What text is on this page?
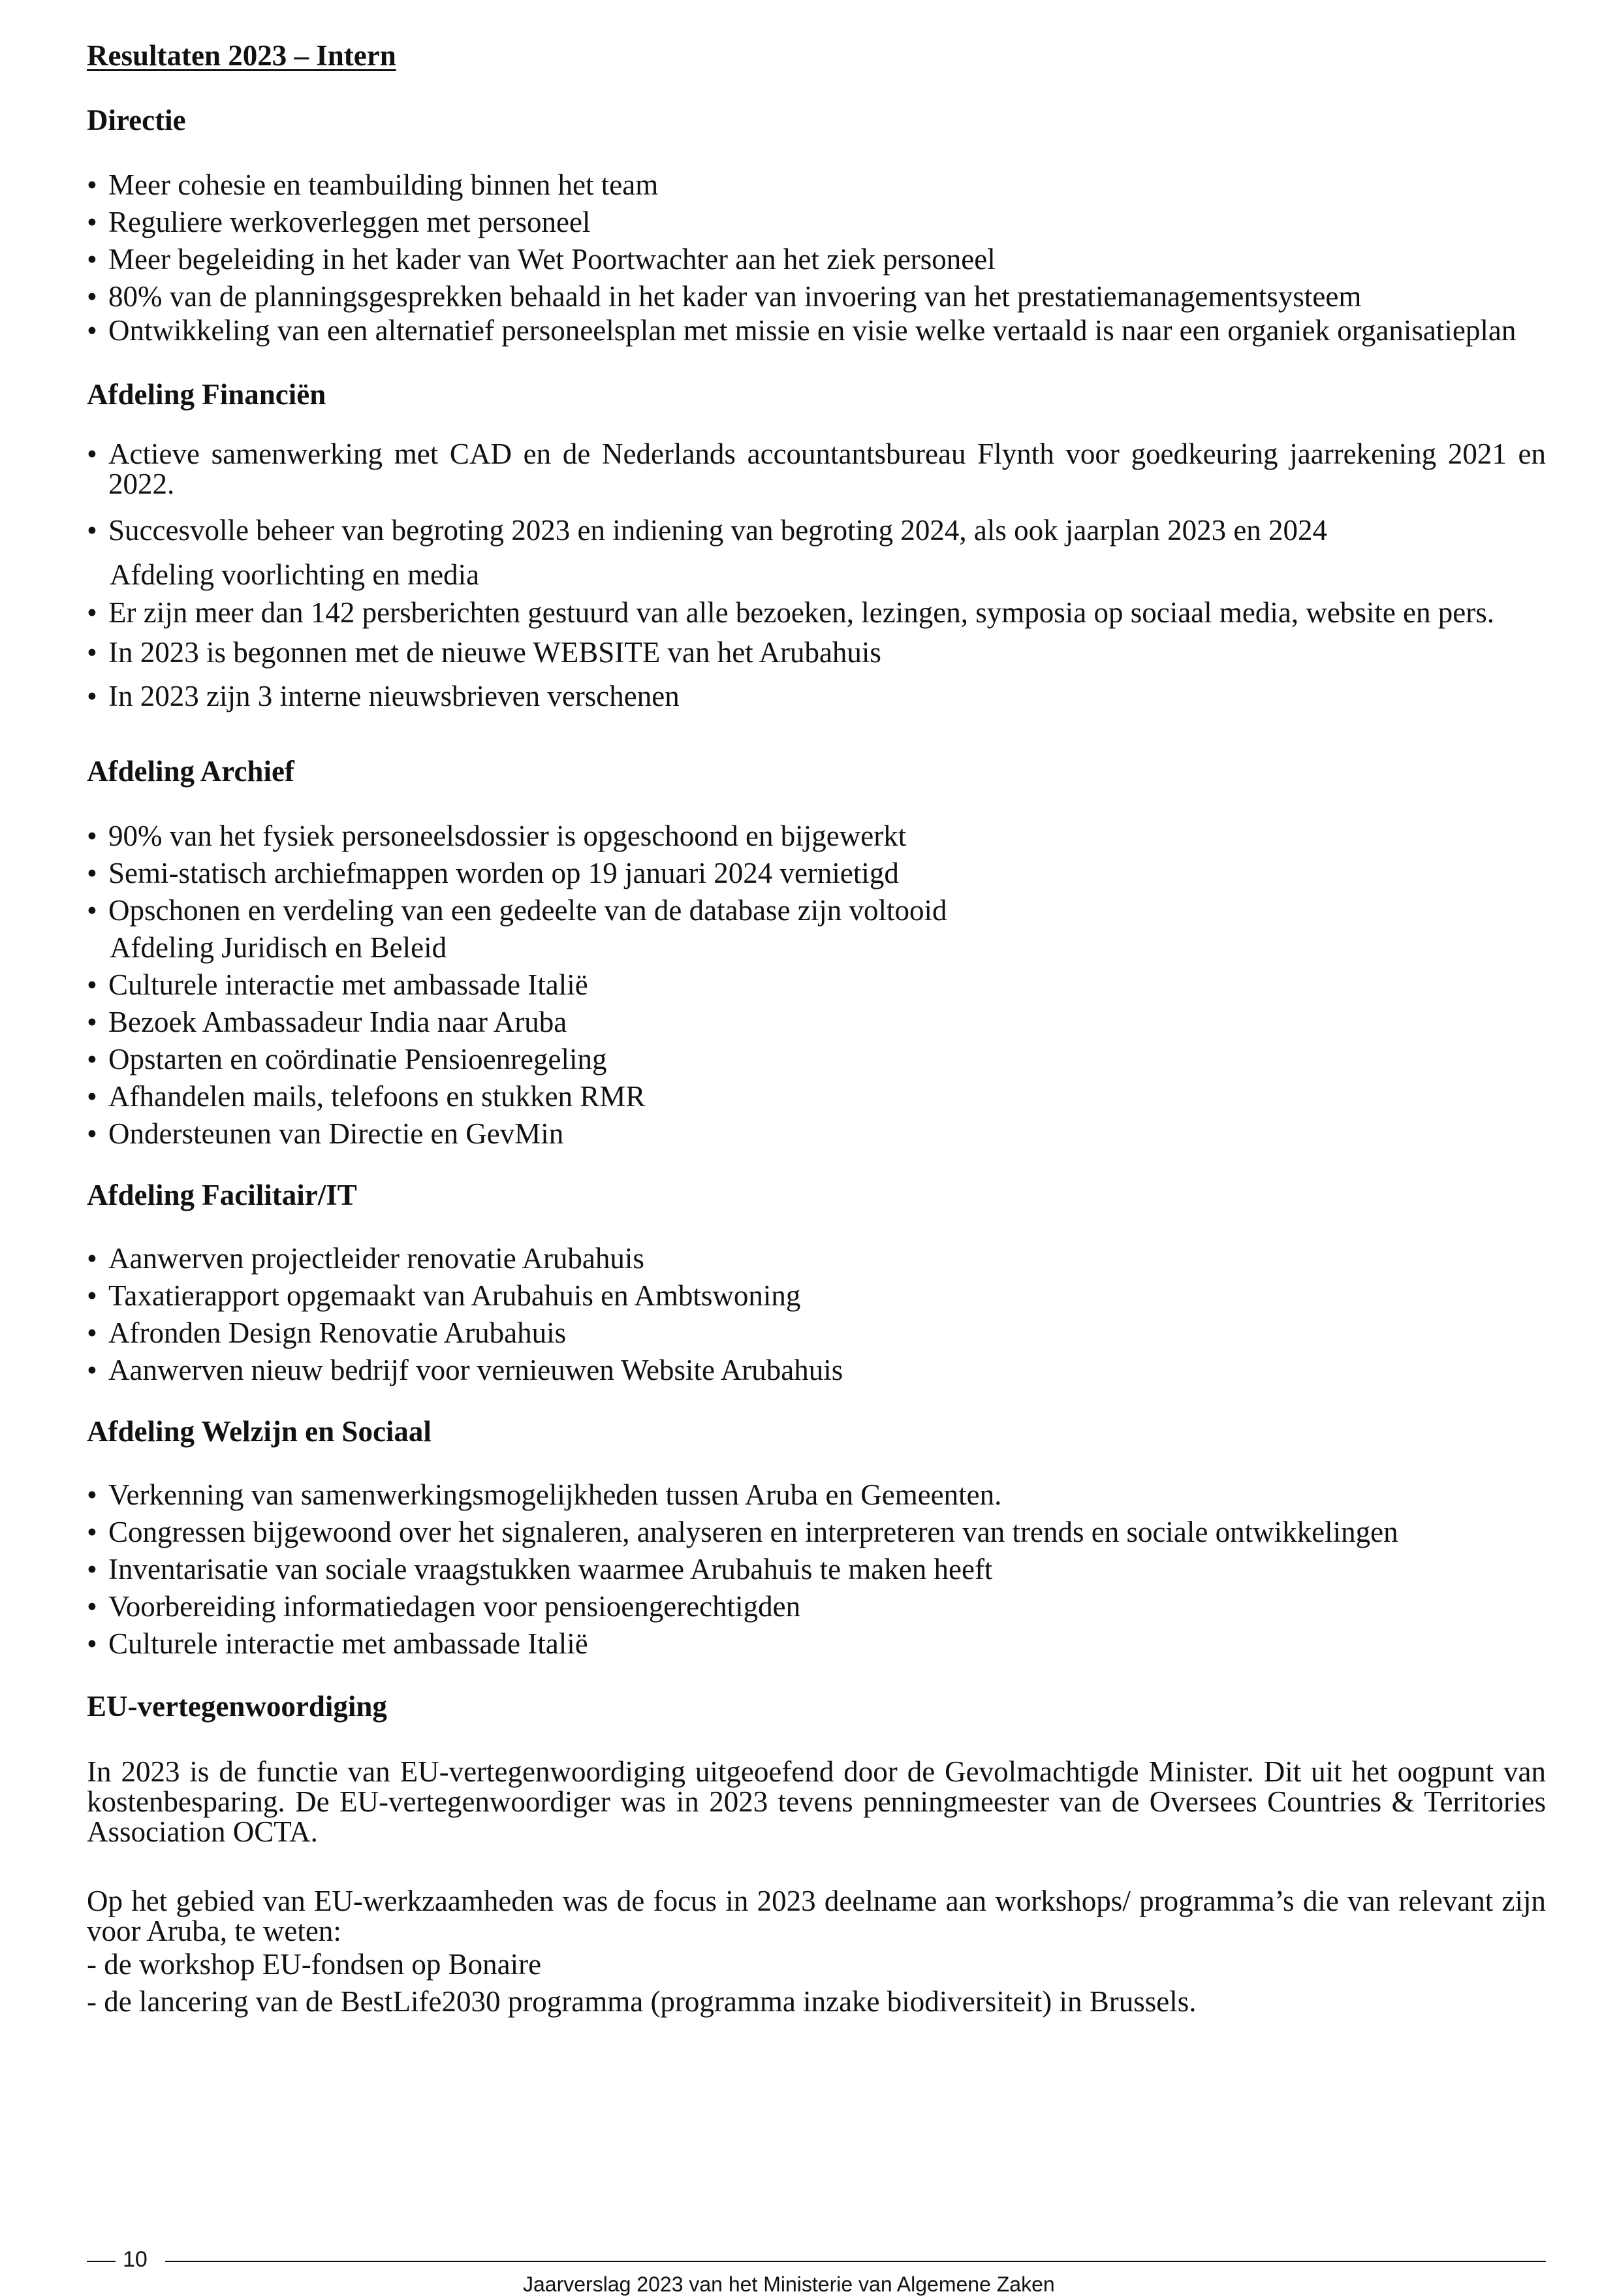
Resultaten 2023 – Intern
Directie
• Meer cohesie en teambuilding binnen het team
• Reguliere werkoverleggen met personeel
• Meer begeleiding in het kader van Wet Poortwachter aan het ziek personeel
• 80% van de planningsgesprekken behaald in het kader van invoering van het prestatiemanagementsysteem
• Ontwikkeling van een alternatief personeelsplan met missie en visie welke vertaald is naar een organiek organisatieplan
Afdeling Financiën
• Actieve samenwerking met CAD en de Nederlands accountantsbureau Flynth voor goedkeuring jaarrekening 2021 en 2022.
• Succesvolle beheer van begroting 2023 en indiening van begroting 2024, als ook jaarplan 2023 en 2024
Afdeling voorlichting en media
• Er zijn meer dan 142 persberichten gestuurd van alle bezoeken, lezingen, symposia op sociaal media, website en pers.
• In 2023 is begonnen met de nieuwe WEBSITE van het Arubahuis
• In 2023 zijn 3 interne nieuwsbrieven verschenen
Afdeling Archief
• 90% van het fysiek personeelsdossier is opgeschoond en bijgewerkt
• Semi-statisch archiefmappen worden op 19 januari 2024 vernietigd
• Opschonen en verdeling van een gedeelte van de database zijn voltooid
Afdeling Juridisch en Beleid
• Culturele interactie met ambassade Italië
• Bezoek Ambassadeur India naar Aruba
• Opstarten en coördinatie Pensioenregeling
• Afhandelen mails, telefoons en stukken RMR
• Ondersteunen van Directie en GevMin
Afdeling Facilitair/IT
• Aanwerven projectleider renovatie Arubahuis
• Taxatierapport opgemaakt van Arubahuis en Ambtswoning
• Afronden Design Renovatie Arubahuis
• Aanwerven nieuw bedrijf voor vernieuwen Website Arubahuis
Afdeling Welzijn en Sociaal
• Verkenning van samenwerkingsmogelijkheden tussen Aruba en Gemeenten.
• Congressen bijgewoond over het signaleren, analyseren en interpreteren van trends en sociale ontwikkelingen
• Inventarisatie van sociale vraagstukken waarmee Arubahuis te maken heeft
• Voorbereiding informatiedagen voor pensioengerechtigden
• Culturele interactie met ambassade Italië
EU-vertegenwoordiging

In 2023 is de functie van EU-vertegenwoordiging uitgeoefend door de Gevolmachtigde Minister. Dit uit het oogpunt van kostenbesparing. De EU-vertegenwoordiger was in 2023 tevens penningmeester van de Oversees Countries & Territories Association OCTA.

Op het gebied van EU-werkzaamheden was de focus in 2023 deelname aan workshops/ programma’s die van relevant zijn voor Aruba, te weten:

- de workshop EU-fondsen op Bonaire
- de lancering van de BestLife2030 programma (programma inzake biodiversiteit) in Brussels.
10
Jaarverslag 2023 van het Ministerie van Algemene Zaken
